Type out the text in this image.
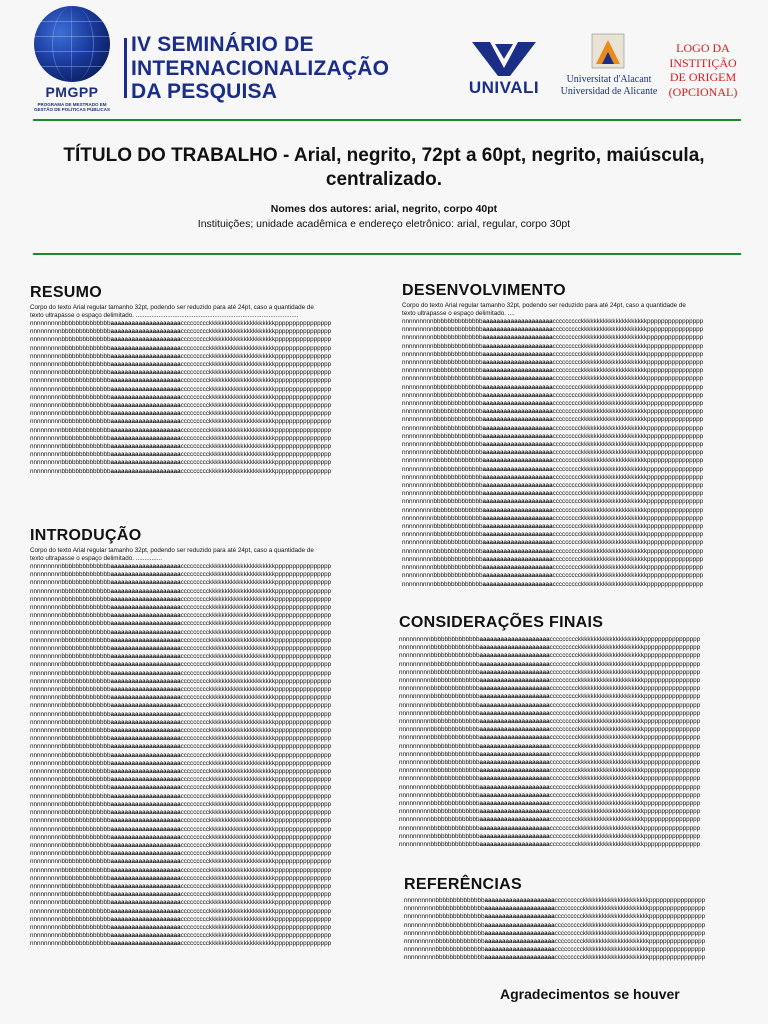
PMGPP
PROGRAMA DE MESTRADO EM
GESTÃO DE POLÍTICAS PÚBLICAS
IV SEMINÁRIO DE
INTERNACIONALIZAÇÃO
DA PESQUISA	UNIVALI	Universitat d'Alacant
Universidad de Alicante
LOGO DA
INSTITIÇÃO
DE ORIGEM
(OPCIONAL)
TÍTULO DO TRABALHO - Arial, negrito, 72pt a 60pt, negrito, maiúscula,
centralizado.
Nomes dos autores: arial, negrito, corpo 40pt
Instituições; unidade acadêmica e endereço eletrônico: arial, regular, corpo 30pt
RESUMO
Corpo do texto Arial regular tamanho 32pt, podendo ser reduzido para até 24pt, caso a quantidade de
texto ultrapasse o espaço delimitado. .............................................................................................
nnnnnnnnnbbbbbbbbbbbbbbaaaaaaaaaaaaaaaaaaaaccccccccckkkkkkkkkkkkkkkkkkkkkpppppppppppppppp
nnnnnnnnnbbbbbbbbbbbbbbaaaaaaaaaaaaaaaaaaaaccccccccckkkkkkkkkkkkkkkkkkkkkpppppppppppppppp
nnnnnnnnnbbbbbbbbbbbbbbaaaaaaaaaaaaaaaaaaaaccccccccckkkkkkkkkkkkkkkkkkkkkpppppppppppppppp
nnnnnnnnnbbbbbbbbbbbbbbaaaaaaaaaaaaaaaaaaaaccccccccckkkkkkkkkkkkkkkkkkkkkpppppppppppppppp
nnnnnnnnnbbbbbbbbbbbbbbaaaaaaaaaaaaaaaaaaaaccccccccckkkkkkkkkkkkkkkkkkkkkpppppppppppppppp
nnnnnnnnnbbbbbbbbbbbbbbaaaaaaaaaaaaaaaaaaaaccccccccckkkkkkkkkkkkkkkkkkkkkpppppppppppppppp
nnnnnnnnnbbbbbbbbbbbbbbaaaaaaaaaaaaaaaaaaaaccccccccckkkkkkkkkkkkkkkkkkkkkpppppppppppppppp
nnnnnnnnnbbbbbbbbbbbbbbaaaaaaaaaaaaaaaaaaaaccccccccckkkkkkkkkkkkkkkkkkkkkpppppppppppppppp
nnnnnnnnnbbbbbbbbbbbbbbaaaaaaaaaaaaaaaaaaaaccccccccckkkkkkkkkkkkkkkkkkkkkpppppppppppppppp
nnnnnnnnnbbbbbbbbbbbbbbaaaaaaaaaaaaaaaaaaaaccccccccckkkkkkkkkkkkkkkkkkkkkpppppppppppppppp
nnnnnnnnnbbbbbbbbbbbbbbaaaaaaaaaaaaaaaaaaaaccccccccckkkkkkkkkkkkkkkkkkkkkpppppppppppppppp
nnnnnnnnnbbbbbbbbbbbbbbaaaaaaaaaaaaaaaaaaaaccccccccckkkkkkkkkkkkkkkkkkkkkpppppppppppppppp
nnnnnnnnnbbbbbbbbbbbbbbaaaaaaaaaaaaaaaaaaaaccccccccckkkkkkkkkkkkkkkkkkkkkpppppppppppppppp
nnnnnnnnnbbbbbbbbbbbbbbaaaaaaaaaaaaaaaaaaaaccccccccckkkkkkkkkkkkkkkkkkkkkpppppppppppppppp
nnnnnnnnnbbbbbbbbbbbbbbaaaaaaaaaaaaaaaaaaaaccccccccckkkkkkkkkkkkkkkkkkkkkpppppppppppppppp
nnnnnnnnnbbbbbbbbbbbbbbaaaaaaaaaaaaaaaaaaaaccccccccckkkkkkkkkkkkkkkkkkkkkpppppppppppppppp
nnnnnnnnnbbbbbbbbbbbbbbaaaaaaaaaaaaaaaaaaaaccccccccckkkkkkkkkkkkkkkkkkkkkpppppppppppppppp
nnnnnnnnnbbbbbbbbbbbbbbaaaaaaaaaaaaaaaaaaaaccccccccckkkkkkkkkkkkkkkkkkkkkpppppppppppppppp
nnnnnnnnnbbbbbbbbbbbbbbaaaaaaaaaaaaaaaaaaaaccccccccckkkkkkkkkkkkkkkkkkkkkpppppppppppppppp
INTRODUÇÃO
Corpo do texto Arial regular tamanho 32pt, podendo ser reduzido para até 24pt, caso a quantidade de
texto ultrapasse o espaço delimitado. ...............
nnnnnnnnnbbbbbbbbbbbbbbaaaaaaaaaaaaaaaaaaaaccccccccckkkkkkkkkkkkkkkkkkkkkpppppppppppppppp
nnnnnnnnnbbbbbbbbbbbbbbaaaaaaaaaaaaaaaaaaaaccccccccckkkkkkkkkkkkkkkkkkkkkpppppppppppppppp
nnnnnnnnnbbbbbbbbbbbbbbaaaaaaaaaaaaaaaaaaaaccccccccckkkkkkkkkkkkkkkkkkkkkpppppppppppppppp
nnnnnnnnnbbbbbbbbbbbbbbaaaaaaaaaaaaaaaaaaaaccccccccckkkkkkkkkkkkkkkkkkkkkpppppppppppppppp
nnnnnnnnnbbbbbbbbbbbbbbaaaaaaaaaaaaaaaaaaaaccccccccckkkkkkkkkkkkkkkkkkkkkpppppppppppppppp
nnnnnnnnnbbbbbbbbbbbbbbaaaaaaaaaaaaaaaaaaaaccccccccckkkkkkkkkkkkkkkkkkkkkpppppppppppppppp
nnnnnnnnnbbbbbbbbbbbbbbaaaaaaaaaaaaaaaaaaaaccccccccckkkkkkkkkkkkkkkkkkkkkpppppppppppppppp
nnnnnnnnnbbbbbbbbbbbbbbaaaaaaaaaaaaaaaaaaaaccccccccckkkkkkkkkkkkkkkkkkkkkpppppppppppppppp
nnnnnnnnnbbbbbbbbbbbbbbaaaaaaaaaaaaaaaaaaaaccccccccckkkkkkkkkkkkkkkkkkkkkpppppppppppppppp
nnnnnnnnnbbbbbbbbbbbbbbaaaaaaaaaaaaaaaaaaaaccccccccckkkkkkkkkkkkkkkkkkkkkpppppppppppppppp
nnnnnnnnnbbbbbbbbbbbbbbaaaaaaaaaaaaaaaaaaaaccccccccckkkkkkkkkkkkkkkkkkkkkpppppppppppppppp
nnnnnnnnnbbbbbbbbbbbbbbaaaaaaaaaaaaaaaaaaaaccccccccckkkkkkkkkkkkkkkkkkkkkpppppppppppppppp
nnnnnnnnnbbbbbbbbbbbbbbaaaaaaaaaaaaaaaaaaaaccccccccckkkkkkkkkkkkkkkkkkkkkpppppppppppppppp
nnnnnnnnnbbbbbbbbbbbbbbaaaaaaaaaaaaaaaaaaaaccccccccckkkkkkkkkkkkkkkkkkkkkpppppppppppppppp
nnnnnnnnnbbbbbbbbbbbbbbaaaaaaaaaaaaaaaaaaaaccccccccckkkkkkkkkkkkkkkkkkkkkpppppppppppppppp
nnnnnnnnnbbbbbbbbbbbbbbaaaaaaaaaaaaaaaaaaaaccccccccckkkkkkkkkkkkkkkkkkkkkpppppppppppppppp
nnnnnnnnnbbbbbbbbbbbbbbaaaaaaaaaaaaaaaaaaaaccccccccckkkkkkkkkkkkkkkkkkkkkpppppppppppppppp
nnnnnnnnnbbbbbbbbbbbbbbaaaaaaaaaaaaaaaaaaaaccccccccckkkkkkkkkkkkkkkkkkkkkpppppppppppppppp
nnnnnnnnnbbbbbbbbbbbbbbaaaaaaaaaaaaaaaaaaaaccccccccckkkkkkkkkkkkkkkkkkkkkpppppppppppppppp
nnnnnnnnnbbbbbbbbbbbbbbaaaaaaaaaaaaaaaaaaaaccccccccckkkkkkkkkkkkkkkkkkkkkpppppppppppppppp
nnnnnnnnnbbbbbbbbbbbbbbaaaaaaaaaaaaaaaaaaaaccccccccckkkkkkkkkkkkkkkkkkkkkpppppppppppppppp
nnnnnnnnnbbbbbbbbbbbbbbaaaaaaaaaaaaaaaaaaaaccccccccckkkkkkkkkkkkkkkkkkkkkpppppppppppppppp
nnnnnnnnnbbbbbbbbbbbbbbaaaaaaaaaaaaaaaaaaaaccccccccckkkkkkkkkkkkkkkkkkkkkpppppppppppppppp
nnnnnnnnnbbbbbbbbbbbbbbaaaaaaaaaaaaaaaaaaaaccccccccckkkkkkkkkkkkkkkkkkkkkpppppppppppppppp
nnnnnnnnnbbbbbbbbbbbbbbaaaaaaaaaaaaaaaaaaaaccccccccckkkkkkkkkkkkkkkkkkkkkpppppppppppppppp
nnnnnnnnnbbbbbbbbbbbbbbaaaaaaaaaaaaaaaaaaaaccccccccckkkkkkkkkkkkkkkkkkkkkpppppppppppppppp
nnnnnnnnnbbbbbbbbbbbbbbaaaaaaaaaaaaaaaaaaaaccccccccckkkkkkkkkkkkkkkkkkkkkpppppppppppppppp
nnnnnnnnnbbbbbbbbbbbbbbaaaaaaaaaaaaaaaaaaaaccccccccckkkkkkkkkkkkkkkkkkkkkpppppppppppppppp
nnnnnnnnnbbbbbbbbbbbbbbaaaaaaaaaaaaaaaaaaaaccccccccckkkkkkkkkkkkkkkkkkkkkpppppppppppppppp
nnnnnnnnnbbbbbbbbbbbbbbaaaaaaaaaaaaaaaaaaaaccccccccckkkkkkkkkkkkkkkkkkkkkpppppppppppppppp
nnnnnnnnnbbbbbbbbbbbbbbaaaaaaaaaaaaaaaaaaaaccccccccckkkkkkkkkkkkkkkkkkkkkpppppppppppppppp
nnnnnnnnnbbbbbbbbbbbbbbaaaaaaaaaaaaaaaaaaaaccccccccckkkkkkkkkkkkkkkkkkkkkpppppppppppppppp
nnnnnnnnnbbbbbbbbbbbbbbaaaaaaaaaaaaaaaaaaaaccccccccckkkkkkkkkkkkkkkkkkkkkpppppppppppppppp
nnnnnnnnnbbbbbbbbbbbbbbaaaaaaaaaaaaaaaaaaaaccccccccckkkkkkkkkkkkkkkkkkkkkpppppppppppppppp
nnnnnnnnnbbbbbbbbbbbbbbaaaaaaaaaaaaaaaaaaaaccccccccckkkkkkkkkkkkkkkkkkkkkpppppppppppppppp
nnnnnnnnnbbbbbbbbbbbbbbaaaaaaaaaaaaaaaaaaaaccccccccckkkkkkkkkkkkkkkkkkkkkpppppppppppppppp
nnnnnnnnnbbbbbbbbbbbbbbaaaaaaaaaaaaaaaaaaaaccccccccckkkkkkkkkkkkkkkkkkkkkpppppppppppppppp
nnnnnnnnnbbbbbbbbbbbbbbaaaaaaaaaaaaaaaaaaaaccccccccckkkkkkkkkkkkkkkkkkkkkpppppppppppppppp
nnnnnnnnnbbbbbbbbbbbbbbaaaaaaaaaaaaaaaaaaaaccccccccckkkkkkkkkkkkkkkkkkkkkpppppppppppppppp
nnnnnnnnnbbbbbbbbbbbbbbaaaaaaaaaaaaaaaaaaaaccccccccckkkkkkkkkkkkkkkkkkkkkpppppppppppppppp
nnnnnnnnnbbbbbbbbbbbbbbaaaaaaaaaaaaaaaaaaaaccccccccckkkkkkkkkkkkkkkkkkkkkpppppppppppppppp
nnnnnnnnnbbbbbbbbbbbbbbaaaaaaaaaaaaaaaaaaaaccccccccckkkkkkkkkkkkkkkkkkkkkpppppppppppppppp
nnnnnnnnnbbbbbbbbbbbbbbaaaaaaaaaaaaaaaaaaaaccccccccckkkkkkkkkkkkkkkkkkkkkpppppppppppppppp
nnnnnnnnnbbbbbbbbbbbbbbaaaaaaaaaaaaaaaaaaaaccccccccckkkkkkkkkkkkkkkkkkkkkpppppppppppppppp
nnnnnnnnnbbbbbbbbbbbbbbaaaaaaaaaaaaaaaaaaaaccccccccckkkkkkkkkkkkkkkkkkkkkpppppppppppppppp
nnnnnnnnnbbbbbbbbbbbbbbaaaaaaaaaaaaaaaaaaaaccccccccckkkkkkkkkkkkkkkkkkkkkpppppppppppppppp
nnnnnnnnnbbbbbbbbbbbbbbaaaaaaaaaaaaaaaaaaaaccccccccckkkkkkkkkkkkkkkkkkkkkpppppppppppppppp
DESENVOLVIMENTO
Corpo do texto Arial regular tamanho 32pt, podendo ser reduzido para até 24pt, caso a quantidade de
texto ultrapasse o espaço delimitado. ....
nnnnnnnnnbbbbbbbbbbbbbbaaaaaaaaaaaaaaaaaaaaccccccccckkkkkkkkkkkkkkkkkkkkkpppppppppppppppp
nnnnnnnnnbbbbbbbbbbbbbbaaaaaaaaaaaaaaaaaaaaccccccccckkkkkkkkkkkkkkkkkkkkkpppppppppppppppp
nnnnnnnnnbbbbbbbbbbbbbbaaaaaaaaaaaaaaaaaaaaccccccccckkkkkkkkkkkkkkkkkkkkkpppppppppppppppp
nnnnnnnnnbbbbbbbbbbbbbbaaaaaaaaaaaaaaaaaaaaccccccccckkkkkkkkkkkkkkkkkkkkkpppppppppppppppp
nnnnnnnnnbbbbbbbbbbbbbbaaaaaaaaaaaaaaaaaaaaccccccccckkkkkkkkkkkkkkkkkkkkkpppppppppppppppp
nnnnnnnnnbbbbbbbbbbbbbbaaaaaaaaaaaaaaaaaaaaccccccccckkkkkkkkkkkkkkkkkkkkkpppppppppppppppp
nnnnnnnnnbbbbbbbbbbbbbbaaaaaaaaaaaaaaaaaaaaccccccccckkkkkkkkkkkkkkkkkkkkkpppppppppppppppp
nnnnnnnnnbbbbbbbbbbbbbbaaaaaaaaaaaaaaaaaaaaccccccccckkkkkkkkkkkkkkkkkkkkkpppppppppppppppp
nnnnnnnnnbbbbbbbbbbbbbbaaaaaaaaaaaaaaaaaaaaccccccccckkkkkkkkkkkkkkkkkkkkkpppppppppppppppp
nnnnnnnnnbbbbbbbbbbbbbbaaaaaaaaaaaaaaaaaaaaccccccccckkkkkkkkkkkkkkkkkkkkkpppppppppppppppp
nnnnnnnnnbbbbbbbbbbbbbbaaaaaaaaaaaaaaaaaaaaccccccccckkkkkkkkkkkkkkkkkkkkkpppppppppppppppp
nnnnnnnnnbbbbbbbbbbbbbbaaaaaaaaaaaaaaaaaaaaccccccccckkkkkkkkkkkkkkkkkkkkkpppppppppppppppp
nnnnnnnnnbbbbbbbbbbbbbbaaaaaaaaaaaaaaaaaaaaccccccccckkkkkkkkkkkkkkkkkkkkkpppppppppppppppp
nnnnnnnnnbbbbbbbbbbbbbbaaaaaaaaaaaaaaaaaaaaccccccccckkkkkkkkkkkkkkkkkkkkkpppppppppppppppp
nnnnnnnnnbbbbbbbbbbbbbbaaaaaaaaaaaaaaaaaaaaccccccccckkkkkkkkkkkkkkkkkkkkkpppppppppppppppp
nnnnnnnnnbbbbbbbbbbbbbbaaaaaaaaaaaaaaaaaaaaccccccccckkkkkkkkkkkkkkkkkkkkkpppppppppppppppp
nnnnnnnnnbbbbbbbbbbbbbbaaaaaaaaaaaaaaaaaaaaccccccccckkkkkkkkkkkkkkkkkkkkkpppppppppppppppp
nnnnnnnnnbbbbbbbbbbbbbbaaaaaaaaaaaaaaaaaaaaccccccccckkkkkkkkkkkkkkkkkkkkkpppppppppppppppp
nnnnnnnnnbbbbbbbbbbbbbbaaaaaaaaaaaaaaaaaaaaccccccccckkkkkkkkkkkkkkkkkkkkkpppppppppppppppp
nnnnnnnnnbbbbbbbbbbbbbbaaaaaaaaaaaaaaaaaaaaccccccccckkkkkkkkkkkkkkkkkkkkkpppppppppppppppp
nnnnnnnnnbbbbbbbbbbbbbbaaaaaaaaaaaaaaaaaaaaccccccccckkkkkkkkkkkkkkkkkkkkkpppppppppppppppp
nnnnnnnnnbbbbbbbbbbbbbbaaaaaaaaaaaaaaaaaaaaccccccccckkkkkkkkkkkkkkkkkkkkkpppppppppppppppp
nnnnnnnnnbbbbbbbbbbbbbbaaaaaaaaaaaaaaaaaaaaccccccccckkkkkkkkkkkkkkkkkkkkkpppppppppppppppp
nnnnnnnnnbbbbbbbbbbbbbbaaaaaaaaaaaaaaaaaaaaccccccccckkkkkkkkkkkkkkkkkkkkkpppppppppppppppp
nnnnnnnnnbbbbbbbbbbbbbbaaaaaaaaaaaaaaaaaaaaccccccccckkkkkkkkkkkkkkkkkkkkkpppppppppppppppp
nnnnnnnnnbbbbbbbbbbbbbbaaaaaaaaaaaaaaaaaaaaccccccccckkkkkkkkkkkkkkkkkkkkkpppppppppppppppp
nnnnnnnnnbbbbbbbbbbbbbbaaaaaaaaaaaaaaaaaaaaccccccccckkkkkkkkkkkkkkkkkkkkkpppppppppppppppp
nnnnnnnnnbbbbbbbbbbbbbbaaaaaaaaaaaaaaaaaaaaccccccccckkkkkkkkkkkkkkkkkkkkkpppppppppppppppp
nnnnnnnnnbbbbbbbbbbbbbbaaaaaaaaaaaaaaaaaaaaccccccccckkkkkkkkkkkkkkkkkkkkkpppppppppppppppp
nnnnnnnnnbbbbbbbbbbbbbbaaaaaaaaaaaaaaaaaaaaccccccccckkkkkkkkkkkkkkkkkkkkkpppppppppppppppp
nnnnnnnnnbbbbbbbbbbbbbbaaaaaaaaaaaaaaaaaaaaccccccccckkkkkkkkkkkkkkkkkkkkkpppppppppppppppp
nnnnnnnnnbbbbbbbbbbbbbbaaaaaaaaaaaaaaaaaaaaccccccccckkkkkkkkkkkkkkkkkkkkkpppppppppppppppp
nnnnnnnnnbbbbbbbbbbbbbbaaaaaaaaaaaaaaaaaaaaccccccccckkkkkkkkkkkkkkkkkkkkkpppppppppppppppp
CONSIDERAÇÕES FINAIS
nnnnnnnnnbbbbbbbbbbbbbbaaaaaaaaaaaaaaaaaaaaccccccccckkkkkkkkkkkkkkkkkkkkkpppppppppppppppp
nnnnnnnnnbbbbbbbbbbbbbbaaaaaaaaaaaaaaaaaaaaccccccccckkkkkkkkkkkkkkkkkkkkkpppppppppppppppp
nnnnnnnnnbbbbbbbbbbbbbbaaaaaaaaaaaaaaaaaaaaccccccccckkkkkkkkkkkkkkkkkkkkkpppppppppppppppp
nnnnnnnnnbbbbbbbbbbbbbbaaaaaaaaaaaaaaaaaaaaccccccccckkkkkkkkkkkkkkkkkkkkkpppppppppppppppp
nnnnnnnnnbbbbbbbbbbbbbbaaaaaaaaaaaaaaaaaaaaccccccccckkkkkkkkkkkkkkkkkkkkkpppppppppppppppp
nnnnnnnnnbbbbbbbbbbbbbbaaaaaaaaaaaaaaaaaaaaccccccccckkkkkkkkkkkkkkkkkkkkkpppppppppppppppp
nnnnnnnnnbbbbbbbbbbbbbbaaaaaaaaaaaaaaaaaaaaccccccccckkkkkkkkkkkkkkkkkkkkkpppppppppppppppp
nnnnnnnnnbbbbbbbbbbbbbbaaaaaaaaaaaaaaaaaaaaccccccccckkkkkkkkkkkkkkkkkkkkkpppppppppppppppp
nnnnnnnnnbbbbbbbbbbbbbbaaaaaaaaaaaaaaaaaaaaccccccccckkkkkkkkkkkkkkkkkkkkkpppppppppppppppp
nnnnnnnnnbbbbbbbbbbbbbbaaaaaaaaaaaaaaaaaaaaccccccccckkkkkkkkkkkkkkkkkkkkkpppppppppppppppp
nnnnnnnnnbbbbbbbbbbbbbbaaaaaaaaaaaaaaaaaaaaccccccccckkkkkkkkkkkkkkkkkkkkkpppppppppppppppp
nnnnnnnnnbbbbbbbbbbbbbbaaaaaaaaaaaaaaaaaaaaccccccccckkkkkkkkkkkkkkkkkkkkkpppppppppppppppp
nnnnnnnnnbbbbbbbbbbbbbbaaaaaaaaaaaaaaaaaaaaccccccccckkkkkkkkkkkkkkkkkkkkkpppppppppppppppp
nnnnnnnnnbbbbbbbbbbbbbbaaaaaaaaaaaaaaaaaaaaccccccccckkkkkkkkkkkkkkkkkkkkkpppppppppppppppp
nnnnnnnnnbbbbbbbbbbbbbbaaaaaaaaaaaaaaaaaaaaccccccccckkkkkkkkkkkkkkkkkkkkkpppppppppppppppp
nnnnnnnnnbbbbbbbbbbbbbbaaaaaaaaaaaaaaaaaaaaccccccccckkkkkkkkkkkkkkkkkkkkkpppppppppppppppp
nnnnnnnnnbbbbbbbbbbbbbbaaaaaaaaaaaaaaaaaaaaccccccccckkkkkkkkkkkkkkkkkkkkkpppppppppppppppp
nnnnnnnnnbbbbbbbbbbbbbbaaaaaaaaaaaaaaaaaaaaccccccccckkkkkkkkkkkkkkkkkkkkkpppppppppppppppp
nnnnnnnnnbbbbbbbbbbbbbbaaaaaaaaaaaaaaaaaaaaccccccccckkkkkkkkkkkkkkkkkkkkkpppppppppppppppp
nnnnnnnnnbbbbbbbbbbbbbbaaaaaaaaaaaaaaaaaaaaccccccccckkkkkkkkkkkkkkkkkkkkkpppppppppppppppp
nnnnnnnnnbbbbbbbbbbbbbbaaaaaaaaaaaaaaaaaaaaccccccccckkkkkkkkkkkkkkkkkkkkkpppppppppppppppp
nnnnnnnnnbbbbbbbbbbbbbbaaaaaaaaaaaaaaaaaaaaccccccccckkkkkkkkkkkkkkkkkkkkkpppppppppppppppp
nnnnnnnnnbbbbbbbbbbbbbbaaaaaaaaaaaaaaaaaaaaccccccccckkkkkkkkkkkkkkkkkkkkkpppppppppppppppp
nnnnnnnnnbbbbbbbbbbbbbbaaaaaaaaaaaaaaaaaaaaccccccccckkkkkkkkkkkkkkkkkkkkkpppppppppppppppp
nnnnnnnnnbbbbbbbbbbbbbbaaaaaaaaaaaaaaaaaaaaccccccccckkkkkkkkkkkkkkkkkkkkkpppppppppppppppp
nnnnnnnnnbbbbbbbbbbbbbbaaaaaaaaaaaaaaaaaaaaccccccccckkkkkkkkkkkkkkkkkkkkkpppppppppppppppp
REFERÊNCIAS
nnnnnnnnnbbbbbbbbbbbbbbaaaaaaaaaaaaaaaaaaaaccccccccckkkkkkkkkkkkkkkkkkkkkpppppppppppppppp
nnnnnnnnnbbbbbbbbbbbbbbaaaaaaaaaaaaaaaaaaaaccccccccckkkkkkkkkkkkkkkkkkkkkpppppppppppppppp
nnnnnnnnnbbbbbbbbbbbbbbaaaaaaaaaaaaaaaaaaaaccccccccckkkkkkkkkkkkkkkkkkkkkpppppppppppppppp
nnnnnnnnnbbbbbbbbbbbbbbaaaaaaaaaaaaaaaaaaaaccccccccckkkkkkkkkkkkkkkkkkkkkpppppppppppppppp
nnnnnnnnnbbbbbbbbbbbbbbaaaaaaaaaaaaaaaaaaaaccccccccckkkkkkkkkkkkkkkkkkkkkpppppppppppppppp
nnnnnnnnnbbbbbbbbbbbbbbaaaaaaaaaaaaaaaaaaaaccccccccckkkkkkkkkkkkkkkkkkkkkpppppppppppppppp
nnnnnnnnnbbbbbbbbbbbbbbaaaaaaaaaaaaaaaaaaaaccccccccckkkkkkkkkkkkkkkkkkkkkpppppppppppppppp
nnnnnnnnnbbbbbbbbbbbbbbaaaaaaaaaaaaaaaaaaaaccccccccckkkkkkkkkkkkkkkkkkkkkpppppppppppppppp
Agradecimentos se houver
